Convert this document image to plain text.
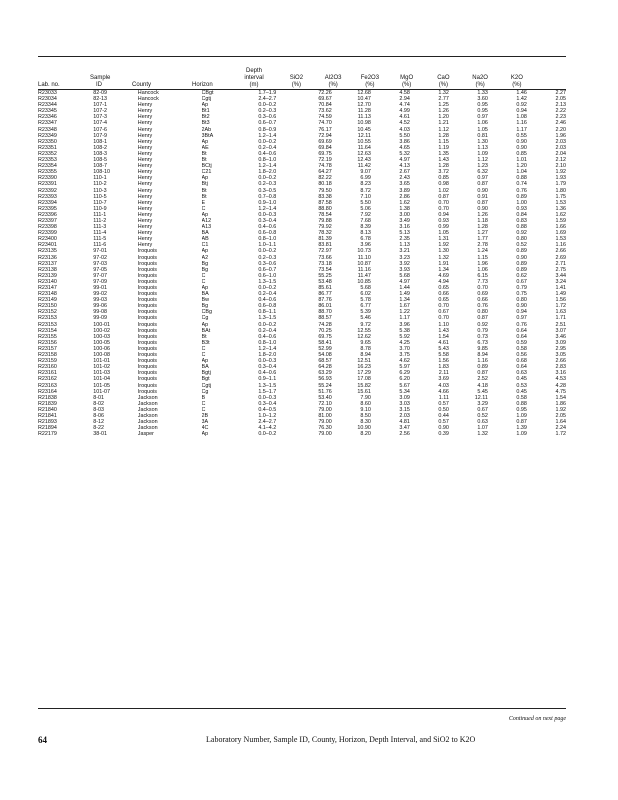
Lab. no.
Sample
ID	County	Horizon
Depth
interval
(m)
SiO2
(%)
Al2O3
(%)
Fe2O3
(%)
MgO
(%)
CaO
(%)
Na2O
(%)
K2O
(%)
R23033	82-09	Hancock	CBgt	1.7–1.9	72.26	12.68	4.58	1.32	1.33	1.46	2.27
R23034	82-13	Hancock	Cgtj	2.4–2.7	69.67	10.47	2.94	2.77	3.60	1.42	2.05
R23344	107-1	Henry	Ap	0.0–0.2	70.84	12.70	4.74	1.25	0.95	0.92	2.13
R23345	107-2	Henry	Bt1	0.2–0.3	73.62	11.28	4.99	1.26	0.95	0.94	2.22
R23346	107-3	Henry	Bt2	0.3–0.6	74.59	11.13	4.61	1.20	0.97	1.08	2.23
R23347	107-4	Henry	Bt3	0.6–0.7	74.70	10.98	4.52	1.21	1.06	1.16	2.46
R23348	107-6	Henry	2Ab	0.8–0.9	76.17	10.45	4.03	1.12	1.05	1.17	2.20
R23349	107-9	Henry	3BtA	1.2–1.4	72.94	12.11	5.50	1.28	0.81	0.55	1.96
R23350	108-1	Henry	Ap	0.0–0.2	69.69	10.55	3.86	1.15	1.30	0.90	2.03
R23351	108-2	Henry	AE	0.2–0.4	69.84	11.64	4.65	1.19	1.13	0.90	2.03
R23352	108-3	Henry	Bt	0.4–0.6	69.75	12.63	5.32	1.35	1.09	0.85	2.04
R23353	108-5	Henry	Bt	0.8–1.0	72.19	12.43	4.97	1.43	1.12	1.01	2.12
R23354	108-7	Henry	BCtj	1.2–1.4	74.78	11.42	4.13	1.28	1.23	1.20	2.10
R23355	108-10	Henry	C21	1.8–2.0	64.27	9.07	2.67	3.72	6.32	1.04	1.92
R23390	110-1	Henry	Ap	0.0–0.2	82.22	6.99	2.43	0.85	0.97	0.88	1.93
R23391	110-2	Henry	Btj	0.2–0.3	80.18	8.23	3.65	0.98	0.87	0.74	1.79
R23392	110-3	Henry	Bt	0.3–0.5	79.50	8.72	3.89	1.02	0.90	0.76	1.80
R23393	110-5	Henry	Bt	0.7–0.8	83.38	7.10	2.86	0.87	0.91	0.89	1.75
R23394	110-7	Henry	E	0.9–1.0	87.58	5.50	1.62	0.70	0.87	1.00	1.53
R23395	110-9	Henry	C	1.2–1.4	88.80	5.06	1.38	0.70	0.90	0.93	1.36
R23396	111-1	Henry	Ap	0.0–0.3	78.54	7.92	3.00	0.94	1.26	0.84	1.62
R23397	111-2	Henry	A12	0.3–0.4	79.88	7.68	3.49	0.93	1.18	0.83	1.59
R23398	111-3	Henry	A13	0.4–0.6	79.92	8.39	3.16	0.99	1.28	0.88	1.66
R23399	111-4	Henry	BA	0.6–0.8	78.32	8.13	5.13	1.05	1.27	0.92	1.69
R23400	111-5	Henry	AB	0.8–1.0	81.39	6.78	2.35	1.31	1.77	0.80	1.53
R23401	111-6	Henry	C1	1.0–1.1	83.81	3.96	1.13	1.92	2.78	0.52	1.16
R23135	97-01	Iroquois	Ap	0.0–0.2	72.97	10.73	3.21	1.30	1.24	0.89	2.66
R23136	97-02	Iroquois	A2	0.2–0.3	73.66	11.10	3.23	1.32	1.15	0.90	2.69
R23137	97-03	Iroquois	Bg	0.3–0.6	73.18	10.87	3.92	1.91	1.96	0.89	2.71
R23138	97-05	Iroquois	Bg	0.6–0.7	73.54	11.16	3.93	1.34	1.06	0.89	2.75
R23139	97-07	Iroquois	C	0.6–1.0	55.25	11.47	5.68	4.69	6.15	0.62	3.44
R23140	97-09	Iroquois	C	1.3–1.5	53.48	10.85	4.97	4.94	7.73	0.67	3.24
R23147	99-01	Iroquois	Ap	0.0–0.2	85.61	5.68	1.44	0.65	0.70	0.79	1.41
R23148	99-02	Iroquois	BA	0.2–0.4	86.77	6.02	1.49	0.66	0.69	0.75	1.49
R23149	99-03	Iroquois	Bw	0.4–0.6	87.76	5.78	1.34	0.65	0.66	0.80	1.56
R23150	99-06	Iroquois	Bg	0.6–0.8	86.01	6.77	1.67	0.70	0.76	0.90	1.72
R23152	99-08	Iroquois	CBg	0.8–1.1	88.70	5.39	1.22	0.67	0.80	0.94	1.63
R23153	99-09	Iroquois	Cg	1.3–1.5	88.57	5.46	1.17	0.70	0.87	0.97	1.71
R23153	100-01	Iroquois	Ap	0.0–0.2	74.28	9.72	3.96	1.10	0.92	0.76	2.51
R23154	100-02	Iroquois	BAt	0.2–0.4	70.25	12.55	5.38	1.43	0.79	0.64	3.07
R23155	100-03	Iroquois	Bt	0.4–0.6	69.75	12.62	5.92	1.54	0.73	0.64	3.46
R23156	100-05	Iroquois	B3t	0.8–1.0	58.41	9.65	4.25	4.61	6.73	0.59	3.09
R23157	100-06	Iroquois	C	1.2–1.4	52.99	8.78	3.70	5.43	9.85	0.58	2.95
R23158	100-08	Iroquois	C	1.8–2.0	54.08	8.94	3.75	5.58	8.94	0.56	3.05
R23159	101-01	Iroquois	Ap	0.0–0.3	68.57	12.51	4.62	1.56	1.16	0.68	2.66
R23160	101-02	Iroquois	BA	0.3–0.4	64.28	16.23	5.97	1.83	0.89	0.64	2.83
R23161	101-03	Iroquois	Bgtj	0.4–0.6	63.29	17.29	6.29	2.11	0.87	0.63	3.16
R23162	101-04	Iroquois	Bgt	0.9–1.1	56.93	17.08	6.20	3.69	2.52	0.45	4.53
R23163	101-05	Iroquois	Cgtj	1.3–1.5	55.24	15.82	5.67	4.03	4.18	0.53	4.28
R23164	101-07	Iroquois	Cg	1.5–1.7	51.76	15.61	5.34	4.66	5.45	0.45	4.75
R21838	8-01	Jackson	B	0.0–0.3	53.40	7.90	3.09	1.11	12.11	0.58	1.54
R21839	8-02	Jackson	C	0.3–0.4	72.10	8.60	3.03	0.57	3.29	0.88	1.86
R21840	8-03	Jackson	C	0.4–0.5	79.00	9.10	3.15	0.50	0.67	0.95	1.92
R21841	8-06	Jackson	2B	1.0–1.2	81.00	8.50	2.03	0.44	0.52	1.09	2.05
R21893	8-12	Jackson	3A	2.4–2.7	79.00	8.30	4.81	0.57	0.63	0.87	1.64
R21894	8-22	Jackson	4C	4.1–4.2	76.30	10.90	3.47	0.90	1.07	1.39	2.24
R22179	38-01	Jasper	Ap	0.0–0.2	79.00	8.20	2.56	0.39	1.32	1.09	1.72
Continued on next page
64	Laboratory Number, Sample ID, County, Horizon, Depth Interval, and SiO2 to K2O
